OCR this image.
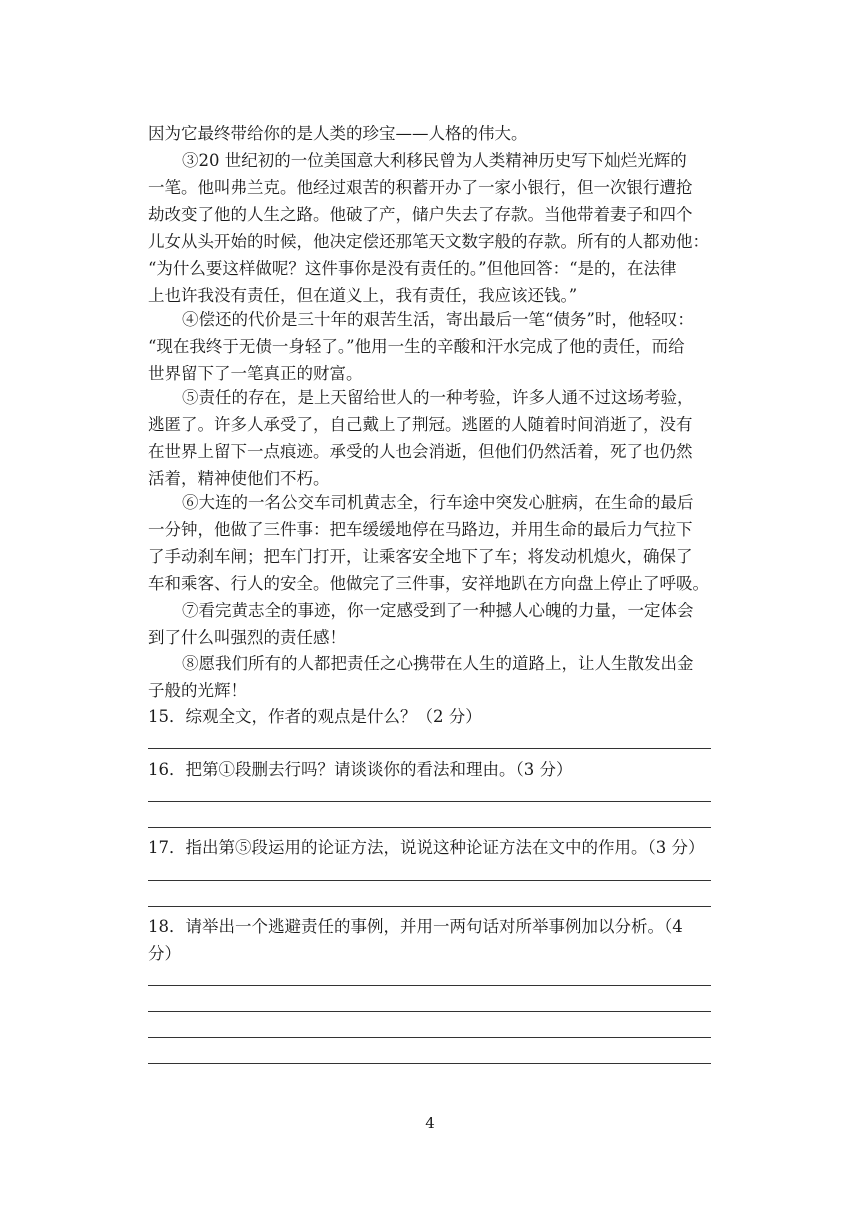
因为它最终带给你的是人类的珍宝——人格的伟大。
③20 世纪初的一位美国意大利移民曾为人类精神历史写下灿烂光辉的
一笔。他叫弗兰克。他经过艰苦的积蓄开办了一家小银行，但一次银行遭抢
劫改变了他的人生之路。他破了产，储户失去了存款。当他带着妻子和四个
儿女从头开始的时候，他决定偿还那笔天文数字般的存款。所有的人都劝他：
“为什么要这样做呢？这件事你是没有责任的。”但他回答：“是的，在法律
上也许我没有责任，但在道义上，我有责任，我应该还钱。”
④偿还的代价是三十年的艰苦生活，寄出最后一笔“债务”时，他轻叹：
“现在我终于无债一身轻了。”他用一生的辛酸和汗水完成了他的责任，而给
世界留下了一笔真正的财富。
⑤责任的存在，是上天留给世人的一种考验，许多人通不过这场考验，
逃匿了。许多人承受了，自己戴上了荆冠。逃匿的人随着时间消逝了，没有
在世界上留下一点痕迹。承受的人也会消逝，但他们仍然活着，死了也仍然
活着，精神使他们不朽。
⑥大连的一名公交车司机黄志全，行车途中突发心脏病，在生命的最后
一分钟，他做了三件事：把车缓缓地停在马路边，并用生命的最后力气拉下
了手动刹车闸；把车门打开，让乘客安全地下了车；将发动机熄火，确保了
车和乘客、行人的安全。他做完了三件事，安祥地趴在方向盘上停止了呼吸。
⑦看完黄志全的事迹，你一定感受到了一种撼人心魄的力量，一定体会
到了什么叫强烈的责任感！
⑧愿我们所有的人都把责任之心携带在人生的道路上，让人生散发出金
子般的光辉！
15．综观全文，作者的观点是什么？（2 分）
16．把第①段删去行吗？请谈谈你的看法和理由。（3 分）
17．指出第⑤段运用的论证方法，说说这种论证方法在文中的作用。（3 分）
18．请举出一个逃避责任的事例，并用一两句话对所举事例加以分析。（4
分）
4
